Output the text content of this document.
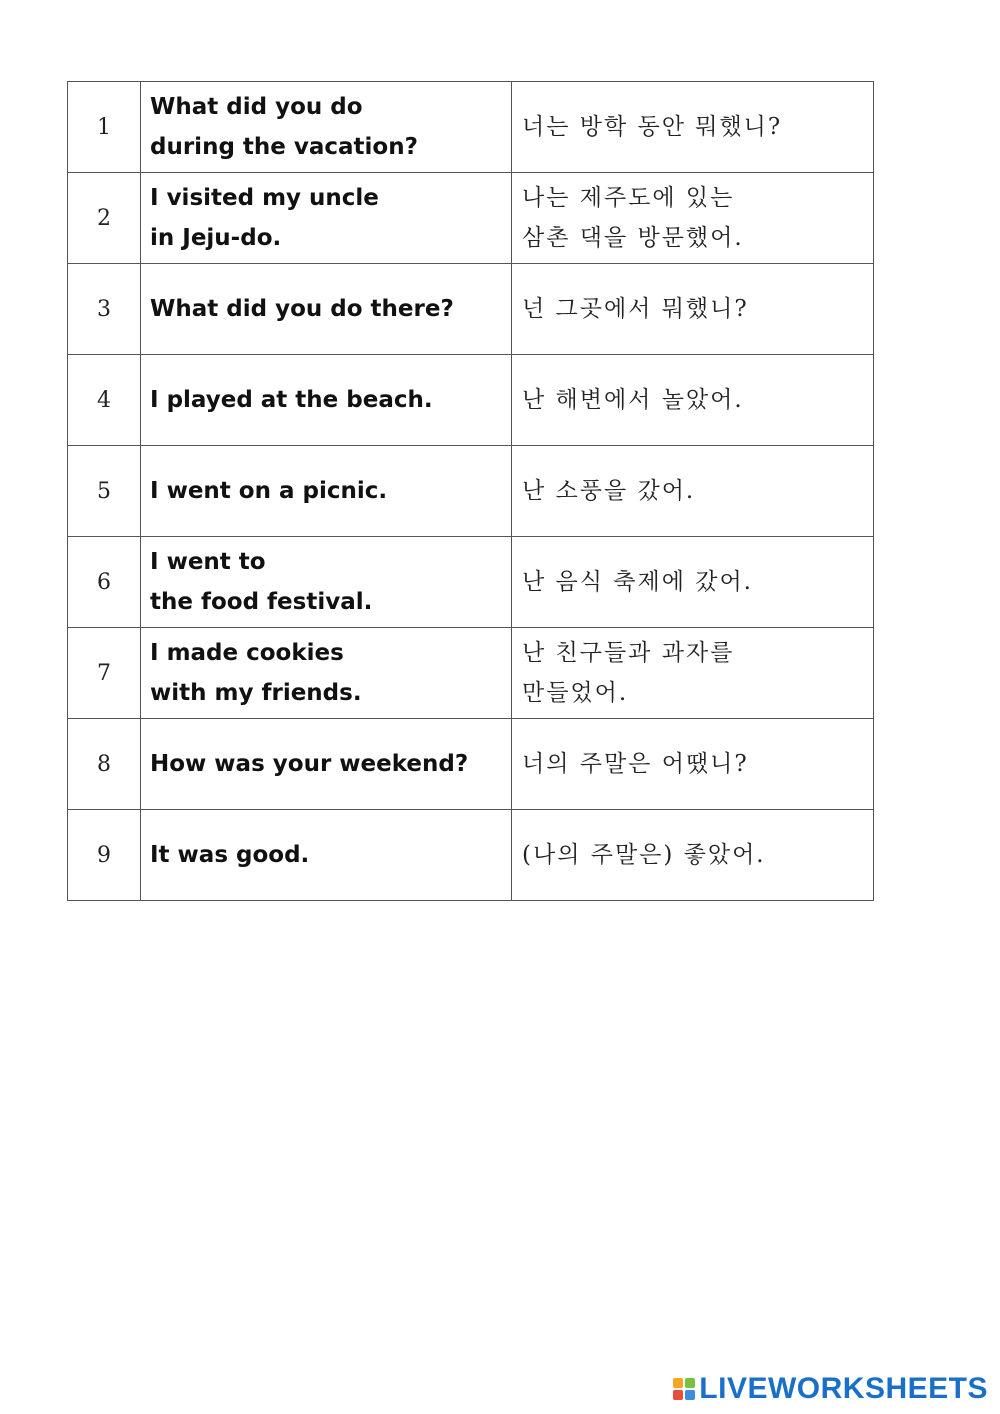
1	What did you do
during the vacation?	너는 방학 동안 뭐했니?

2	I visited my uncle
in Jeju-do.	나는 제주도에 있는
삼촌 댁을 방문했어.

3	What did you do there?	넌 그곳에서 뭐했니?

4	I played at the beach.	난 해변에서 놀았어.

5	I went on a picnic.	난 소풍을 갔어.

6	I went to
the food festival.	난 음식 축제에 갔어.

7	I made cookies
with my friends.	난 친구들과 과자를
만들었어.

8	How was your weekend?	너의 주말은 어땠니?

9	It was good.	(나의 주말은) 좋았어.
LIVEWORKSHEETS
